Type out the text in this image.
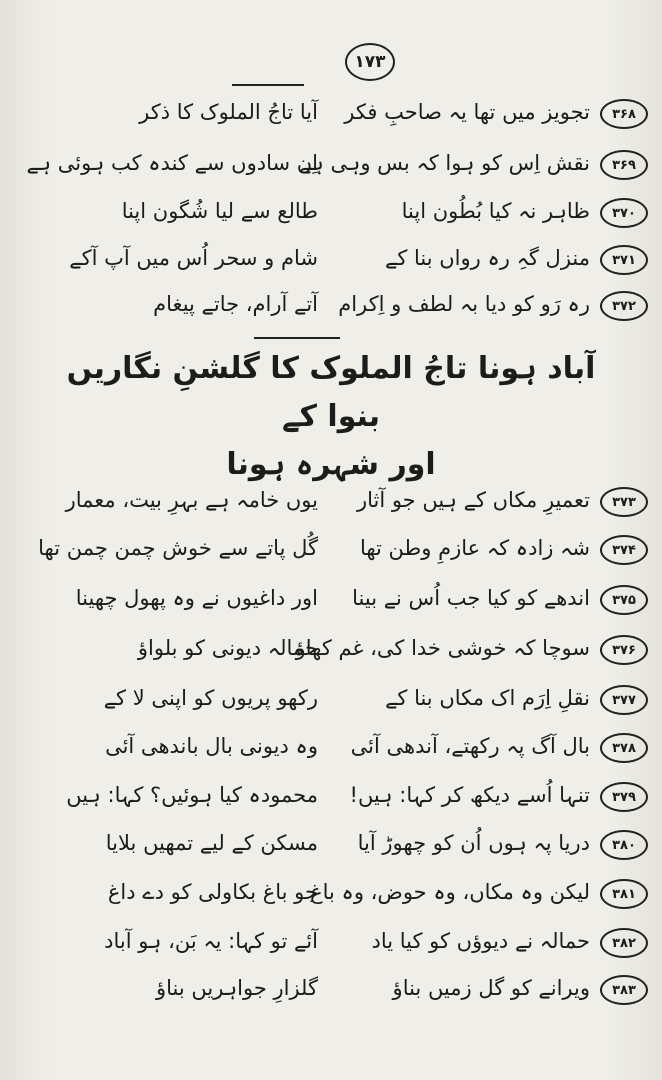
۱۷۳
۳۶۸
تجویز میں تھا یہ صاحبِ فکر
آیا تاجُ الملوک کا ذکر
۳۶۹
نقش اِس کو ہوا کہ بس وہی ہے
اِن سادوں سے کندہ کب ہوئی ہے
۳۷۰
ظاہر نہ کیا بُطُون اپنا
طالع سے لیا شُگون اپنا
۳۷۱
منزل گہِ رہ رواں بنا کے
شام و سحر اُس میں آپ آکے
۳۷۲
رہ رَو کو دیا بہ لطف و اِکرام
آتے آرام، جاتے پیغام
آباد ہونا تاجُ الملوک کا گلشنِ نگاریں بنوا کے
اور شہرہ ہونا
۳۷۳
تعمیرِ مکاں کے ہیں جو آثار
یوں خامہ ہے بہرِ بیت، معمار
۳۷۴
شہ زادہ کہ عازمِ وطن تھا
گُل پاتے سے خوش چمن چمن تھا
۳۷۵
اندھے کو کیا جب اُس نے بینا
اور داغیوں نے وہ پھول چھینا
۳۷۶
سوچا کہ خوشی خدا کی، غم کھاؤ
حمالہ دیونی کو بلواؤ
۳۷۷
نقلِ اِرَم اک مکاں بنا کے
رکھو پریوں کو اپنی لا کے
۳۷۸
بال آگ پہ رکھتے، آندھی آئی
وہ دیونی بال باندھی آئی
۳۷۹
تنہا اُسے دیکھ کر کہا: ہیں!
محمودہ کیا ہوئیں؟ کہا: ہیں
۳۸۰
دریا پہ ہوں اُن کو چھوڑ آیا
مسکن کے لیے تمھیں بلایا
۳۸۱
لیکن وہ مکاں، وہ حوض، وہ باغ
جو باغ بکاولی کو دے داغ
۳۸۲
حمالہ نے دیوؤں کو کیا یاد
آئے تو کہا: یہ بَن، ہو آباد
۳۸۳
ویرانے کو گل زمیں بناؤ
گلزارِ جواہریں بناؤ
